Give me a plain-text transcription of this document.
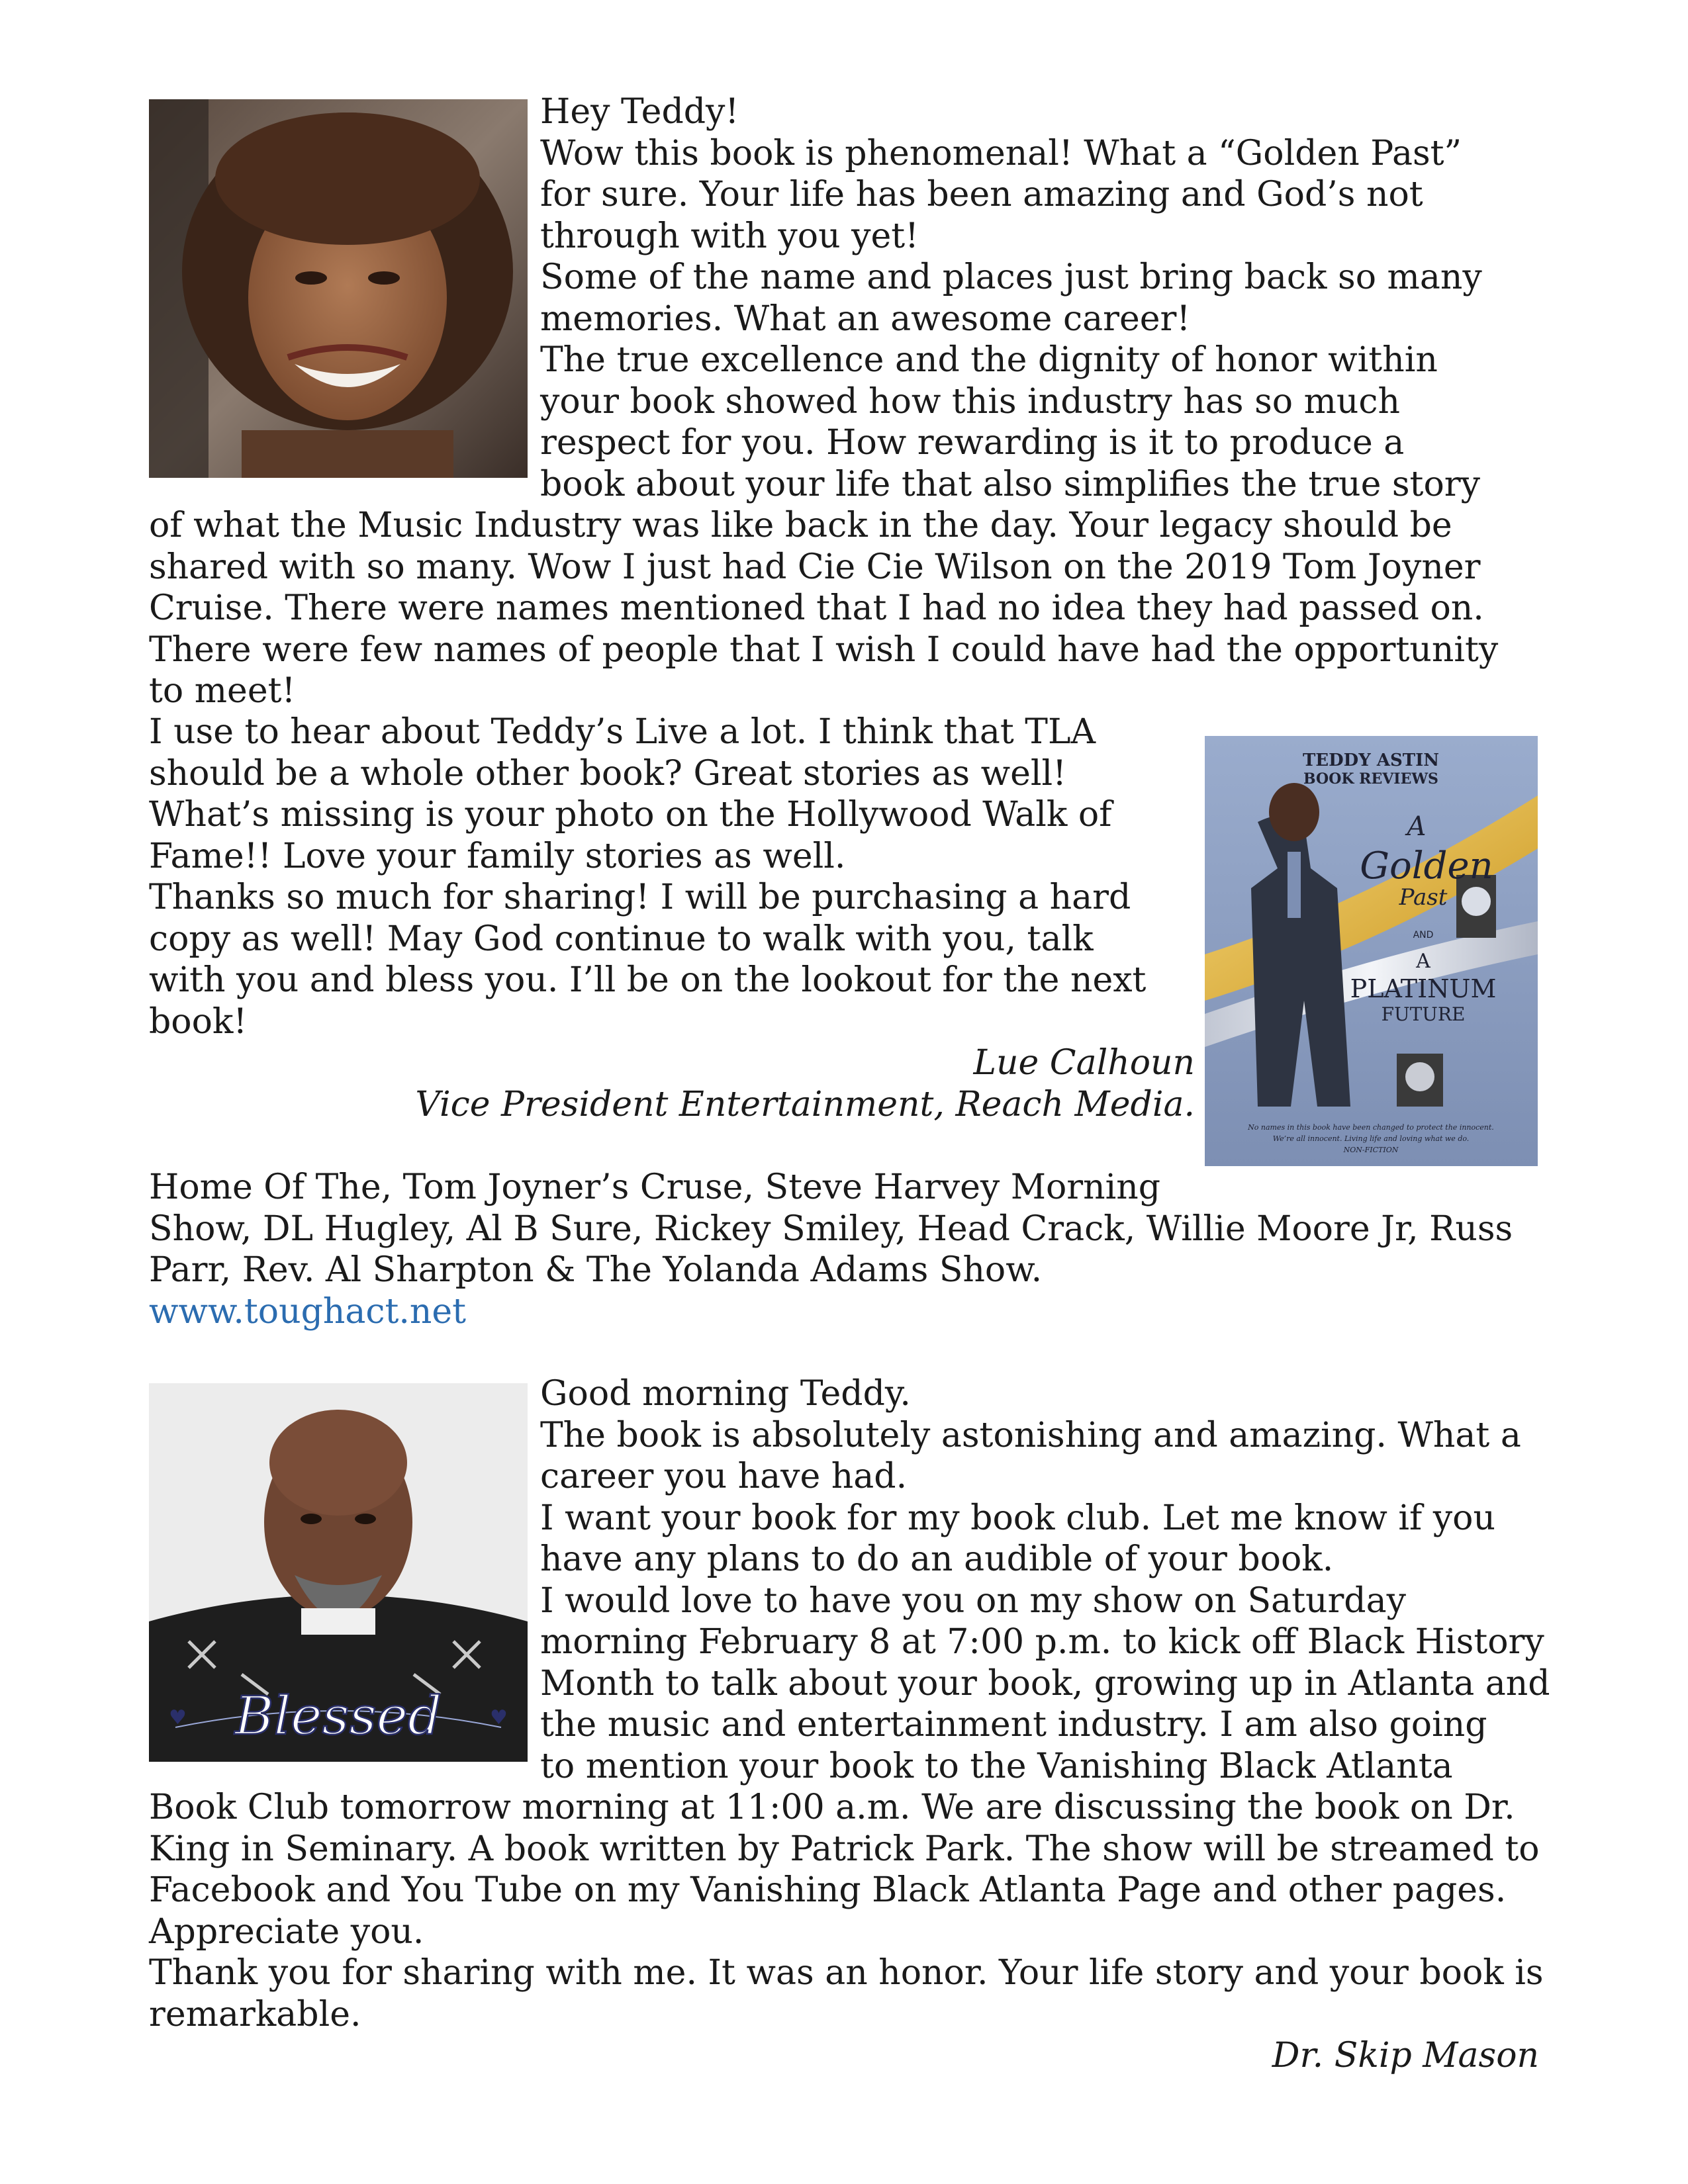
Hey Teddy!
Wow this book is phenomenal! What a “Golden Past”
for sure. Your life has been amazing and God’s not
through with you yet!
Some of the name and places just bring back so many
memories. What an awesome career!
The true excellence and the dignity of honor within
your book showed how this industry has so much
respect for you. How rewarding is it to produce a
book about your life that also simplifies the true story
of what the Music Industry was like back in the day. Your legacy should be
shared with so many. Wow I just had Cie Cie Wilson on the 2019 Tom Joyner
Cruise. There were names mentioned that I had no idea they had passed on.
There were few names of people that I wish I could have had the opportunity
to meet!
I use to hear about Teddy’s Live a lot. I think that TLA
should be a whole other book? Great stories as well!
What’s missing is your photo on the Hollywood Walk of
Fame!! Love your family stories as well.
Thanks so much for sharing! I will be purchasing a hard
copy as well! May God continue to walk with you, talk
with you and bless you. I’ll be on the lookout for the next
book!
Lue Calhoun
Vice President Entertainment, Reach Media.
TEDDY ASTIN
BOOK REVIEWS
A
Golden
Past
AND
A
PLATINUM
FUTURE
No names in this book have been changed to protect the innocent.
We’re all innocent. Living life and loving what we do.
NON-FICTION
Home Of The, Tom Joyner’s Cruse, Steve Harvey Morning
Show, DL Hugley, Al B Sure, Rickey Smiley, Head Crack, Willie Moore Jr, Russ
Parr, Rev. Al Sharpton & The Yolanda Adams Show.
www.toughact.net
Blessed
♥	♥
Good morning Teddy.
The book is absolutely astonishing and amazing. What a
career you have had.
I want your book for my book club. Let me know if you
have any plans to do an audible of your book.
I would love to have you on my show on Saturday
morning February 8 at 7:00 p.m. to kick off Black History
Month to talk about your book, growing up in Atlanta and
the music and entertainment industry. I am also going
to mention your book to the Vanishing Black Atlanta
Book Club tomorrow morning at 11:00 a.m. We are discussing the book on Dr.
King in Seminary. A book written by Patrick Park. The show will be streamed to
Facebook and You Tube on my Vanishing Black Atlanta Page and other pages.
Appreciate you.
Thank you for sharing with me. It was an honor. Your life story and your book is
remarkable.
Dr. Skip Mason
